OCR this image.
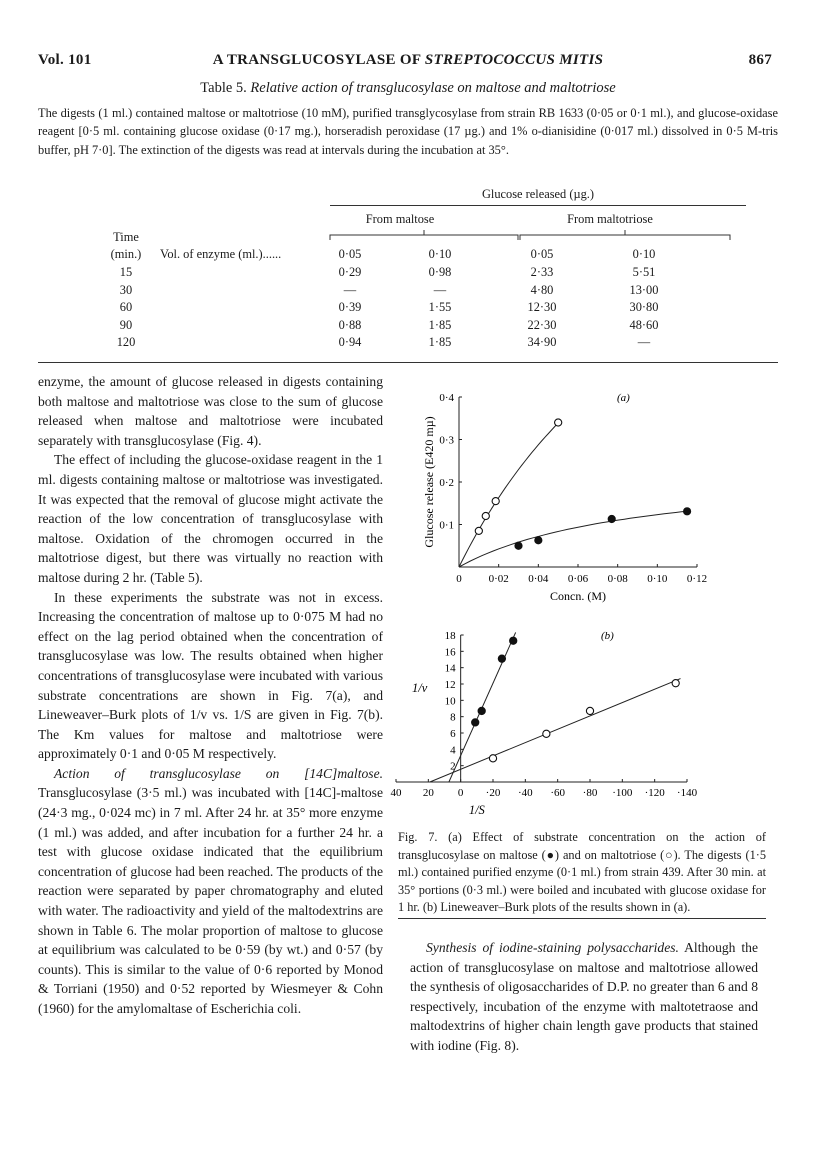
Vol. 101	A TRANSGLUCOSYLASE OF STREPTOCOCCUS MITIS	867
Table 5. Relative action of transglucosylase on maltose and maltotriose
The digests (1 ml.) contained maltose or maltotriose (10 mM), purified transglycosylase from strain RB 1633 (0·05 or 0·1 ml.), and glucose-oxidase reagent [0·5 ml. containing glucose oxidase (0·17 mg.), horseradish peroxidase (17 µg.) and 1% o-dianisidine (0·017 ml.) dissolved in 0·5 M-tris buffer, pH 7·0]. The extinction of the digests was read at intervals during the incubation at 35°.
Glucose released (µg.)
From maltose	From maltotriose
Time
(min.)	Vol. of enzyme (ml.)......	0·05	0·10	0·05	0·10
15	0·29	0·98	2·33	5·51
30	—	—	4·80	13·00
60	0·39	1·55	12·30	30·80
90	0·88	1·85	22·30	48·60
120	0·94	1·85	34·90	—

enzyme, the amount of glucose released in digests containing both maltose and maltotriose was close to the sum of glucose released when maltose and maltotriose were incubated separately with transglucosylase (Fig. 4).

The effect of including the glucose-oxidase reagent in the 1 ml. digests containing maltose or maltotriose was investigated. It was expected that the removal of glucose might activate the reaction of the low concentration of transglucosylase with maltose. Oxidation of the chromogen occurred in the maltotriose digest, but there was virtually no reaction with maltose during 2 hr. (Table 5).

In these experiments the substrate was not in excess. Increasing the concentration of maltose up to 0·075 M had no effect on the lag period obtained when the concentration of transglucosylase was low. The results obtained when higher concentrations of transglucosylase were incubated with various substrate concentrations are shown in Fig. 7(a), and Lineweaver–Burk plots of 1/v vs. 1/S are given in Fig. 7(b). The Km values for maltose and maltotriose were approximately 0·1 and 0·05 M respectively.

Action of transglucosylase on [14C]maltose. Transglucosylase (3·5 ml.) was incubated with [14C]-maltose (24·3 mg., 0·024 mc) in 7 ml. After 24 hr. at 35° more enzyme (1 ml.) was added, and after incubation for a further 24 hr. a test with glucose oxidase indicated that the equilibrium concentration of glucose had been reached. The products of the reaction were separated by paper chromatography and eluted with water. The radioactivity and yield of the maltodextrins are shown in Table 6. The molar proportion of maltose to glucose at equilibrium was calculated to be 0·59 (by wt.) and 0·57 (by counts). This is similar to the value of 0·6 reported by Monod & Torriani (1950) and 0·52 reported by Wiesmeyer & Cohn (1960) for the amylomaltase of Escherichia coli.

0 0·02 0·04 0·06 0·08 0·10 0·12
0·1
0·2
0·3
0·4
Concn. (M)
Glucose release (E420 mµ)
(a)
40 20 0 ·20 ·40 ·60 ·80 ·100 ·120 ·140
2
4
6
8
10
12
14
16
18
1/S
1/v
(b)
Fig. 7. (a) Effect of substrate concentration on the action of transglucosylase on maltose (●) and on maltotriose (○). The digests (1·5 ml.) contained purified enzyme (0·1 ml.) from strain 439. After 30 min. at 35° portions (0·3 ml.) were boiled and incubated with glucose oxidase for 1 hr. (b) Lineweaver–Burk plots of the results shown in (a).

Synthesis of iodine-staining polysaccharides. Although the action of transglucosylase on maltose and maltotriose allowed the synthesis of oligosaccharides of D.P. no greater than 6 and 8 respectively, incubation of the enzyme with maltotetraose and maltodextrins of higher chain length gave products that stained with iodine (Fig. 8).
